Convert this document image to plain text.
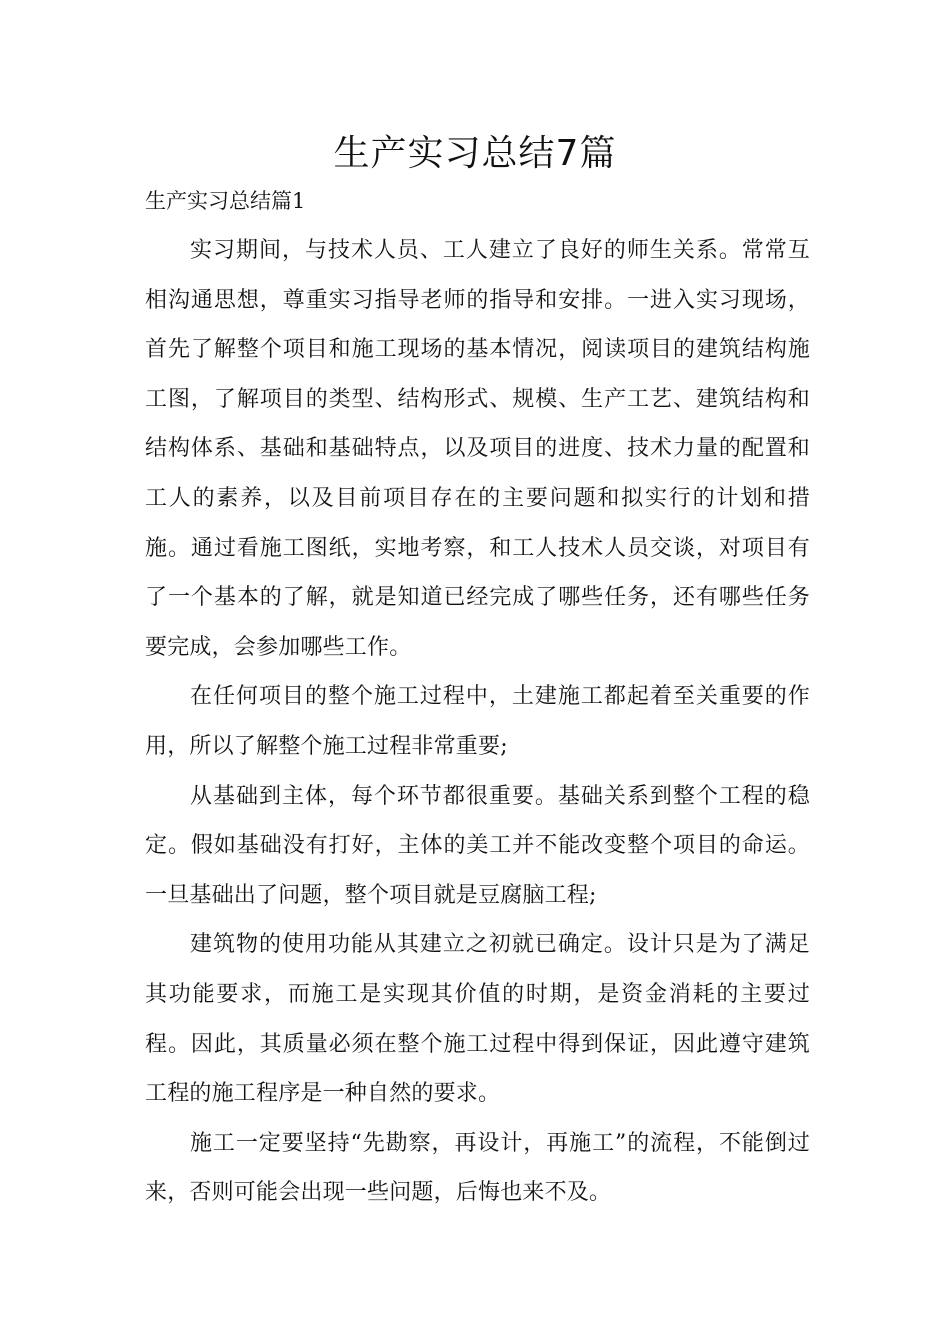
生产实习总结7篇
生产实习总结篇1

实习期间，与技术人员、工人建立了良好的师生关系。常常互相沟通思想，尊重实习指导老师的指导和安排。一进入实习现场，首先了解整个项目和施工现场的基本情况，阅读项目的建筑结构施工图，了解项目的类型、结构形式、规模、生产工艺、建筑结构和结构体系、基础和基础特点，以及项目的进度、技术力量的配置和工人的素养，以及目前项目存在的主要问题和拟实行的计划和措施。通过看施工图纸，实地考察，和工人技术人员交谈，对项目有了一个基本的了解，就是知道已经完成了哪些任务，还有哪些任务要完成，会参加哪些工作。

在任何项目的整个施工过程中，土建施工都起着至关重要的作用，所以了解整个施工过程非常重要;

从基础到主体，每个环节都很重要。基础关系到整个工程的稳定。假如基础没有打好，主体的美工并不能改变整个项目的命运。一旦基础出了问题，整个项目就是豆腐脑工程;

建筑物的使用功能从其建立之初就已确定。设计只是为了满足其功能要求，而施工是实现其价值的时期，是资金消耗的主要过程。因此，其质量必须在整个施工过程中得到保证，因此遵守建筑工程的施工程序是一种自然的要求。

施工一定要坚持“先勘察，再设计，再施工”的流程，不能倒过来，否则可能会出现一些问题，后悔也来不及。
